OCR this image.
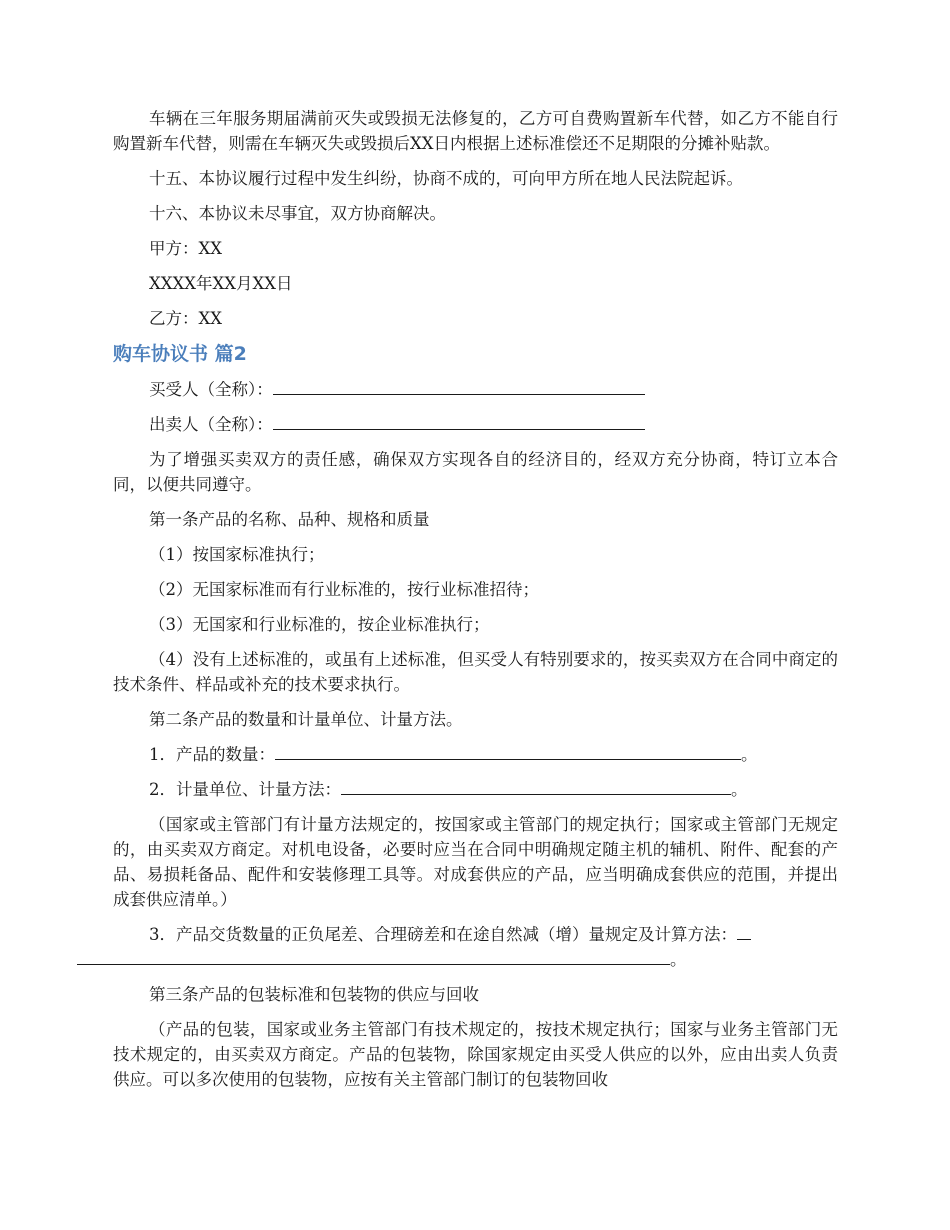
车辆在三年服务期届满前灭失或毁损无法修复的，乙方可自费购置新车代替，如乙方不能自行购置新车代替，则需在车辆灭失或毁损后XX日内根据上述标准偿还不足期限的分摊补贴款。

十五、本协议履行过程中发生纠纷，协商不成的，可向甲方所在地人民法院起诉。

十六、本协议未尽事宜，双方协商解决。

甲方：XX

XXXX年XX月XX日

乙方：XX

购车协议书 篇2

买受人（全称）：

出卖人（全称）：

为了增强买卖双方的责任感，确保双方实现各自的经济目的，经双方充分协商，特订立本合同，以便共同遵守。

第一条产品的名称、品种、规格和质量

（1）按国家标准执行；

（2）无国家标准而有行业标准的，按行业标准招待；

（3）无国家和行业标准的，按企业标准执行；

（4）没有上述标准的，或虽有上述标准，但买受人有特别要求的，按买卖双方在合同中商定的技术条件、样品或补充的技术要求执行。

第二条产品的数量和计量单位、计量方法。

1．产品的数量：	。

2．计量单位、计量方法：	。

（国家或主管部门有计量方法规定的，按国家或主管部门的规定执行；国家或主管部门无规定的，由买卖双方商定。对机电设备，必要时应当在合同中明确规定随主机的辅机、附件、配套的产品、易损耗备品、配件和安装修理工具等。对成套供应的产品，应当明确成套供应的范围，并提出成套供应清单。）

3．产品交货数量的正负尾差、合理磅差和在途自然减（增）量规定及计算方法：
。

第三条产品的包装标准和包装物的供应与回收

（产品的包装，国家或业务主管部门有技术规定的，按技术规定执行；国家与业务主管部门无技术规定的，由买卖双方商定。产品的包装物，除国家规定由买受人供应的以外，应由出卖人负责供应。可以多次使用的包装物，应按有关主管部门制订的包装物回收
